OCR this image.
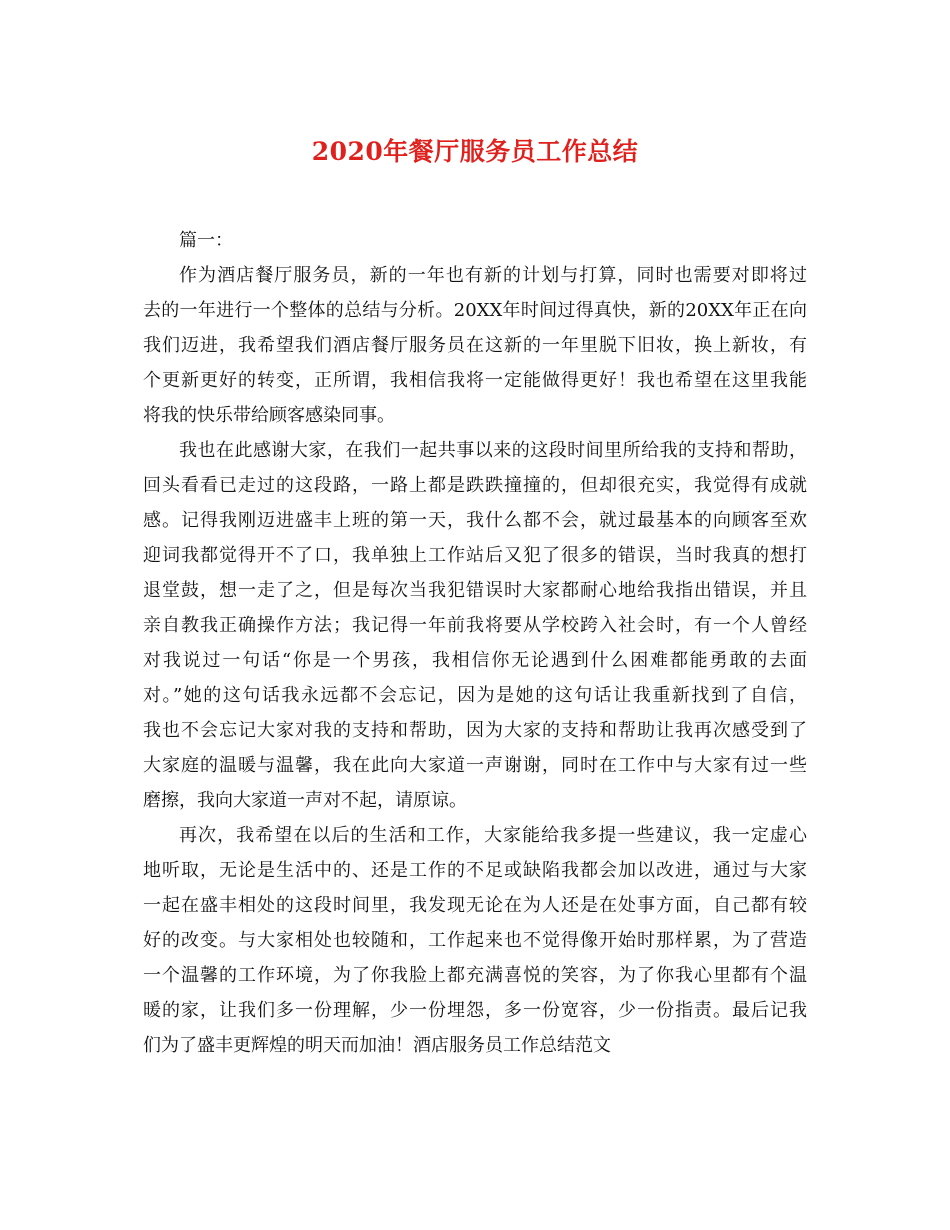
2020年餐厅服务员工作总结
篇一：
作为酒店餐厅服务员，新的一年也有新的计划与打算，同时也需要对即将过
去的一年进行一个整体的总结与分析。20XX年时间过得真快，新的20XX年正在向
我们迈进，我希望我们酒店餐厅服务员在这新的一年里脱下旧妆，换上新妆，有
个更新更好的转变，正所谓，我相信我将一定能做得更好！我也希望在这里我能
将我的快乐带给顾客感染同事。
我也在此感谢大家，在我们一起共事以来的这段时间里所给我的支持和帮助，
回头看看已走过的这段路，一路上都是跌跌撞撞的，但却很充实，我觉得有成就
感。记得我刚迈进盛丰上班的第一天，我什么都不会，就过最基本的向顾客至欢
迎词我都觉得开不了口，我单独上工作站后又犯了很多的错误，当时我真的想打
退堂鼓，想一走了之，但是每次当我犯错误时大家都耐心地给我指出错误，并且
亲自教我正确操作方法；我记得一年前我将要从学校跨入社会时，有一个人曾经
对我说过一句话“你是一个男孩，我相信你无论遇到什么困难都能勇敢的去面
对。”她的这句话我永远都不会忘记，因为是她的这句话让我重新找到了自信，
我也不会忘记大家对我的支持和帮助，因为大家的支持和帮助让我再次感受到了
大家庭的温暖与温馨，我在此向大家道一声谢谢，同时在工作中与大家有过一些
磨擦，我向大家道一声对不起，请原谅。
再次，我希望在以后的生活和工作，大家能给我多提一些建议，我一定虚心
地听取，无论是生活中的、还是工作的不足或缺陷我都会加以改进，通过与大家
一起在盛丰相处的这段时间里，我发现无论在为人还是在处事方面，自己都有较
好的改变。与大家相处也较随和，工作起来也不觉得像开始时那样累，为了营造
一个温馨的工作环境，为了你我脸上都充满喜悦的笑容，为了你我心里都有个温
暖的家，让我们多一份理解，少一份埋怨，多一份宽容，少一份指责。最后记我
们为了盛丰更辉煌的明天而加油！酒店服务员工作总结范文
